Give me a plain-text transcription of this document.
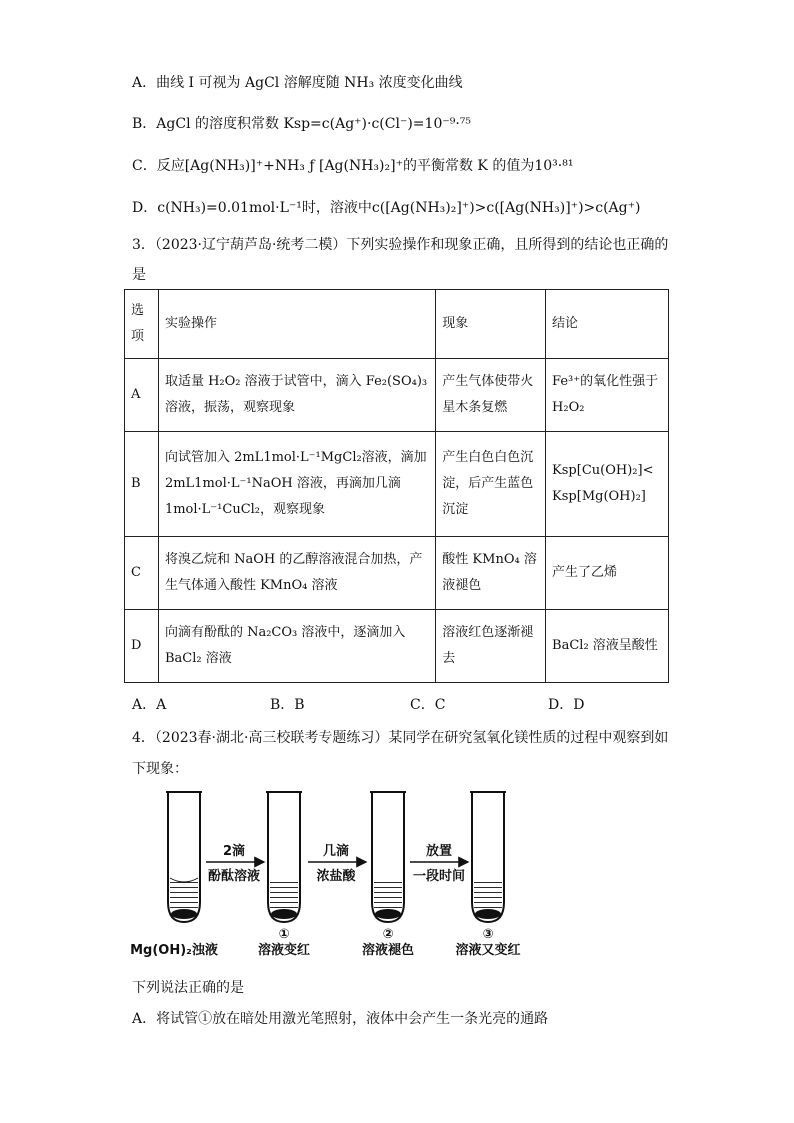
A．曲线 I 可视为 AgCl 溶解度随 NH₃ 浓度变化曲线
B．AgCl 的溶度积常数 Ksp=c(Ag⁺)·c(Cl⁻)=10⁻⁹·⁷⁵
C．反应[Ag(NH₃)]⁺+NH₃ ƒ [Ag(NH₃)₂]⁺的平衡常数 K 的值为10³·⁸¹
D．c(NH₃)=0.01mol·L⁻¹时，溶液中c([Ag(NH₃)₂]⁺)>c([Ag(NH₃)]⁺)>c(Ag⁺)
3．（2023·辽宁葫芦岛·统考二模）下列实验操作和现象正确，且所得到的结论也正确的
是
选项	实验操作	现象	结论
A	取适量 H₂O₂ 溶液于试管中，滴入 Fe₂(SO₄)₃ 溶液，振荡，观察现象	产生气体使带火星木条复燃	Fe³⁺的氧化性强于 H₂O₂
B	向试管加入 2mL1mol·L⁻¹MgCl₂溶液，滴加 2mL1mol·L⁻¹NaOH 溶液，再滴加几滴 1mol·L⁻¹CuCl₂，观察现象	产生白色白色沉淀，后产生蓝色沉淀	Ksp[Cu(OH)₂]< Ksp[Mg(OH)₂]
C	将溴乙烷和 NaOH 的乙醇溶液混合加热，产生气体通入酸性 KMnO₄ 溶液	酸性 KMnO₄ 溶液褪色	产生了乙烯
D	向滴有酚酞的 Na₂CO₃ 溶液中，逐滴加入 BaCl₂ 溶液	溶液红色逐渐褪去	BaCl₂ 溶液呈酸性
A．A	B．B	C．C	D．D
4．（2023春·湖北·高三校联考专题练习）某同学在研究氢氧化镁性质的过程中观察到如
下现象：
2滴
酚酞溶液
几滴
浓盐酸
放置
一段时间
①	②	③
Mg(OH)₂浊液	溶液变红	溶液褪色	溶液又变红
下列说法正确的是
A．将试管①放在暗处用激光笔照射，液体中会产生一条光亮的通路
